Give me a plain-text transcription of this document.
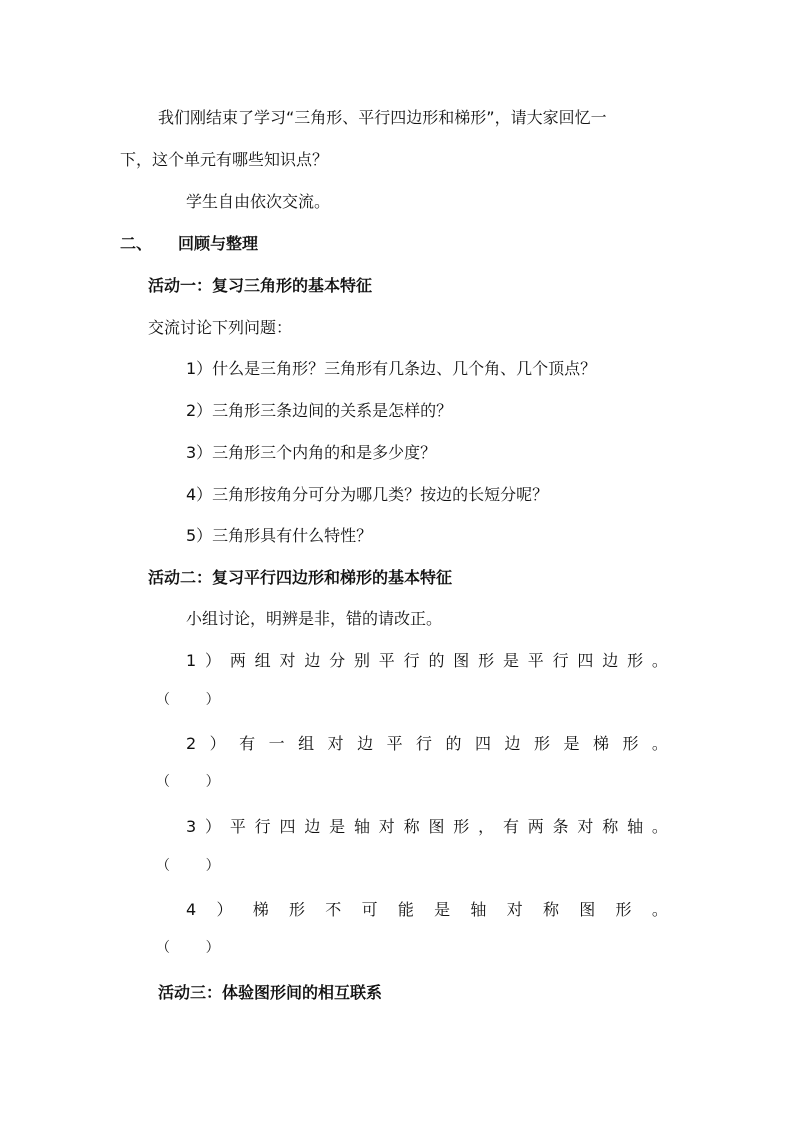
我们刚结束了学习“三角形、平行四边形和梯形”，请大家回忆一
下，这个单元有哪些知识点？
学生自由依次交流。
二、	回顾与整理
活动一：复习三角形的基本特征
交流讨论下列问题：
1）什么是三角形？三角形有几条边、几个角、几个顶点？
2）三角形三条边间的关系是怎样的？
3）三角形三个内角的和是多少度？
4）三角形按角分可分为哪几类？按边的长短分呢？
5）三角形具有什么特性？
活动二：复习平行四边形和梯形的基本特征
小组讨论，明辨是非，错的请改正。
1 ） 两 组 对 边 分 别 平 行 的 图 形 是 平 行 四 边 形 。
（        ）
2 ） 有 一 组 对 边 平 行 的 四 边 形 是 梯 形 。
（        ）
3 ） 平 行 四 边 是 轴 对 称 图 形 ， 有 两 条 对 称 轴 。
（        ）
4 ） 梯 形 不 可 能 是 轴 对 称 图 形 。
（        ）
活动三：体验图形间的相互联系
